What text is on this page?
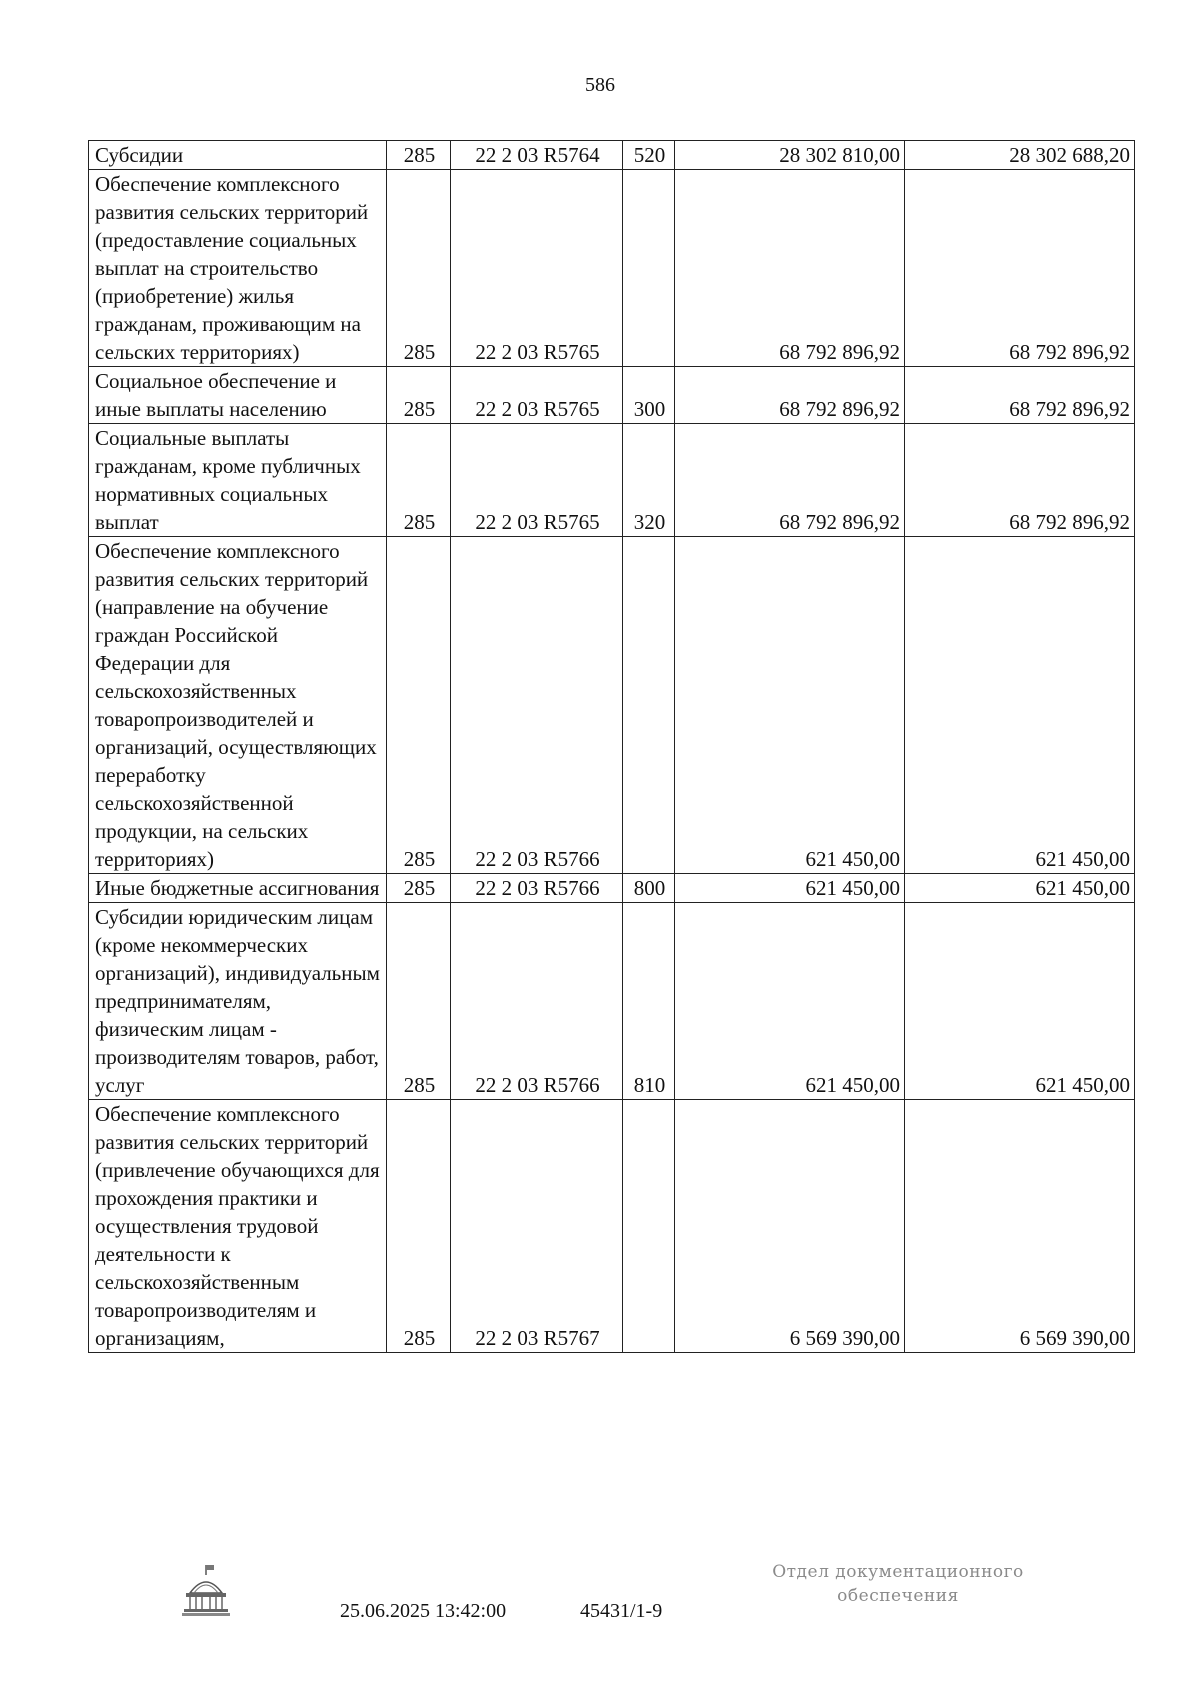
586
Субсидии	285	22 2 03 R5764	520	28 302 810,00	28 302 688,20
Обеспечение комплексного развития сельских территорий (предоставление социальных выплат на строительство (приобретение) жилья гражданам, проживающим на сельских территориях)	285	22 2 03 R5765		68 792 896,92	68 792 896,92
Социальное обеспечение и иные выплаты населению	285	22 2 03 R5765	300	68 792 896,92	68 792 896,92
Социальные выплаты гражданам, кроме публичных нормативных социальных выплат	285	22 2 03 R5765	320	68 792 896,92	68 792 896,92
Обеспечение комплексного развития сельских территорий (направление на обучение граждан Российской Федерации для сельскохозяйственных товаропроизводителей и организаций, осуществляющих переработку сельскохозяйственной продукции, на сельских территориях)	285	22 2 03 R5766		621 450,00	621 450,00
Иные бюджетные ассигнования	285	22 2 03 R5766	800	621 450,00	621 450,00
Субсидии юридическим лицам (кроме некоммерческих организаций), индивидуальным предпринимателям, физическим лицам - производителям товаров, работ, услуг	285	22 2 03 R5766	810	621 450,00	621 450,00
Обеспечение комплексного развития сельских территорий (привлечение обучающихся для прохождения практики и осуществления трудовой деятельности к сельскохозяйственным товаропроизводителям и организациям,	285	22 2 03 R5767		6 569 390,00	6 569 390,00
25.06.2025 13:42:00	45431/1-9
Отдел документационного обеспечения
